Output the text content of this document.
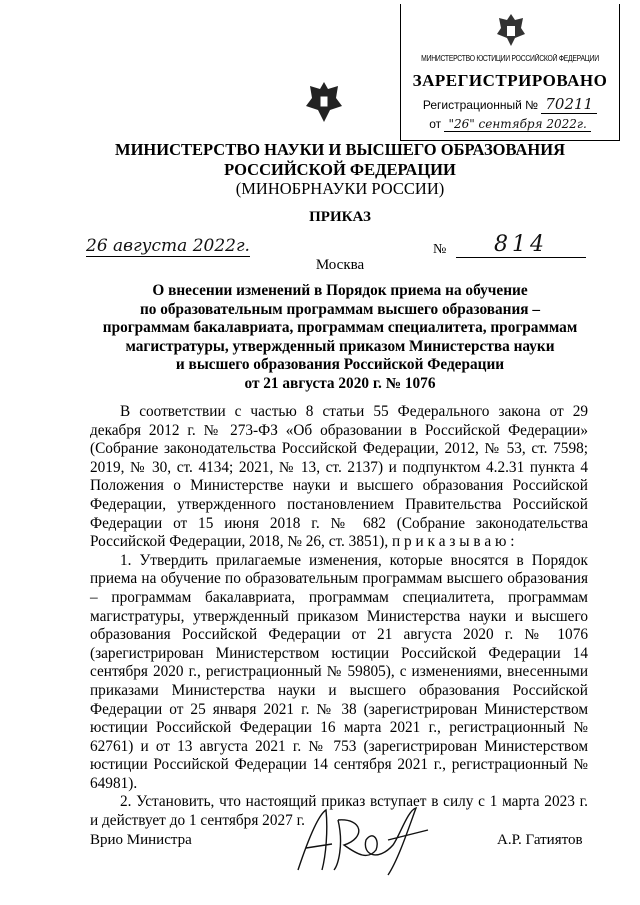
МИНИСТЕРСТВО ЮСТИЦИИ РОССИЙСКОЙ ФЕДЕРАЦИИ
ЗАРЕГИСТРИРОВАНО
Регистрационный № 70211
от "26" сентября 2022г.
МИНИСТЕРСТВО НАУКИ И ВЫСШЕГО ОБРАЗОВАНИЯ
РОССИЙСКОЙ ФЕДЕРАЦИИ
(МИНОБРНАУКИ РОССИИ)
ПРИКАЗ
26 августа 2022г.	№	814
Москва
О внесении изменений в Порядок приема на обучение
по образовательным программам высшего образования –
программам бакалавриата, программам специалитета, программам
магистратуры, утвержденный приказом Министерства науки
и высшего образования Российской Федерации
от 21 августа 2020 г. № 1076

В соответствии с частью 8 статьи 55 Федерального закона от 29 декабря 2012 г. № 273-ФЗ «Об образовании в Российской Федерации» (Собрание законодательства Российской Федерации, 2012, № 53, ст. 7598; 2019, № 30, ст. 4134; 2021, № 13, ст. 2137) и подпунктом 4.2.31 пункта 4 Положения о Министерстве науки и высшего образования Российской Федерации, утвержденного постановлением Правительства Российской Федерации от 15 июня 2018 г. № 682 (Собрание законодательства Российской Федерации, 2018, № 26, ст. 3851), п р и к а з ы в а ю :

1. Утвердить прилагаемые изменения, которые вносятся в Порядок приема на обучение по образовательным программам высшего образования – программам бакалавриата, программам специалитета, программам магистратуры, утвержденный приказом Министерства науки и высшего образования Российской Федерации от 21 августа 2020 г. № 1076 (зарегистрирован Министерством юстиции Российской Федерации 14 сентября 2020 г., регистрационный № 59805), с изменениями, внесенными приказами Министерства науки и высшего образования Российской Федерации от 25 января 2021 г. № 38 (зарегистрирован Министерством юстиции Российской Федерации 16 марта 2021 г., регистрационный № 62761) и от 13 августа 2021 г. № 753 (зарегистрирован Министерством юстиции Российской Федерации 14 сентября 2021 г., регистрационный № 64981).

2. Установить, что настоящий приказ вступает в силу с 1 марта 2023 г. и действует до 1 сентября 2027 г.

Врио Министра	А.Р. Гатиятов
